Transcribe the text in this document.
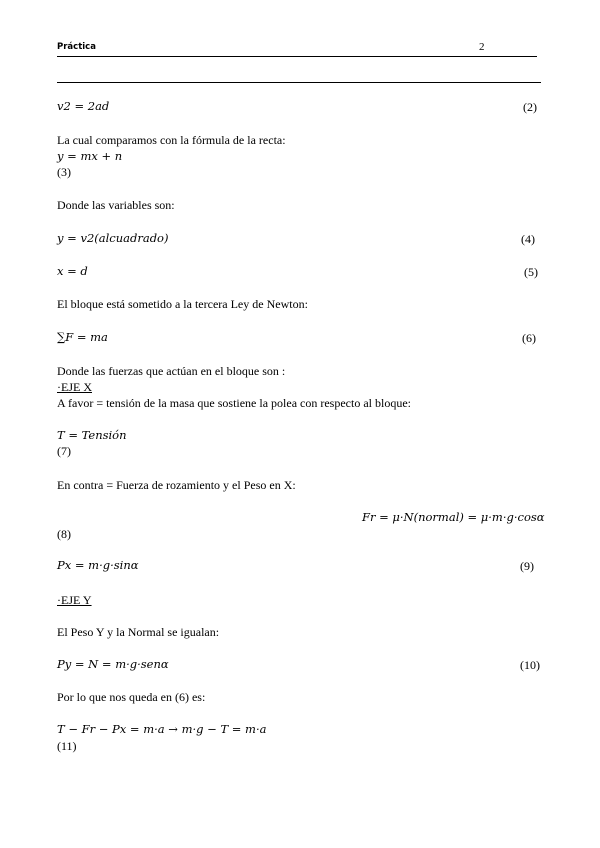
Práctica	2
v2 = 2ad	(2)
La cual comparamos con la fórmula de la recta:
y = mx + n
(3)
Donde las variables son:
y = v2(alcuadrado)	(4)
x = d	(5)
El bloque está sometido a la tercera Ley de Newton:
∑F = ma	(6)
Donde las fuerzas que actúan en el bloque son :
·EJE X
A favor = tensión de la masa que sostiene la polea con respecto al bloque:
T = Tensión
(7)
En contra = Fuerza de rozamiento y el Peso en X:
Fr = μ·N(normal) = μ·m·g·cosα
(8)
Px = m·g·sinα	(9)
·EJE Y
El Peso Y y la Normal se igualan:
Py = N = m·g·senα	(10)
Por lo que nos queda en (6) es:
T − Fr − Px = m·a → m·g − T = m·a
(11)
